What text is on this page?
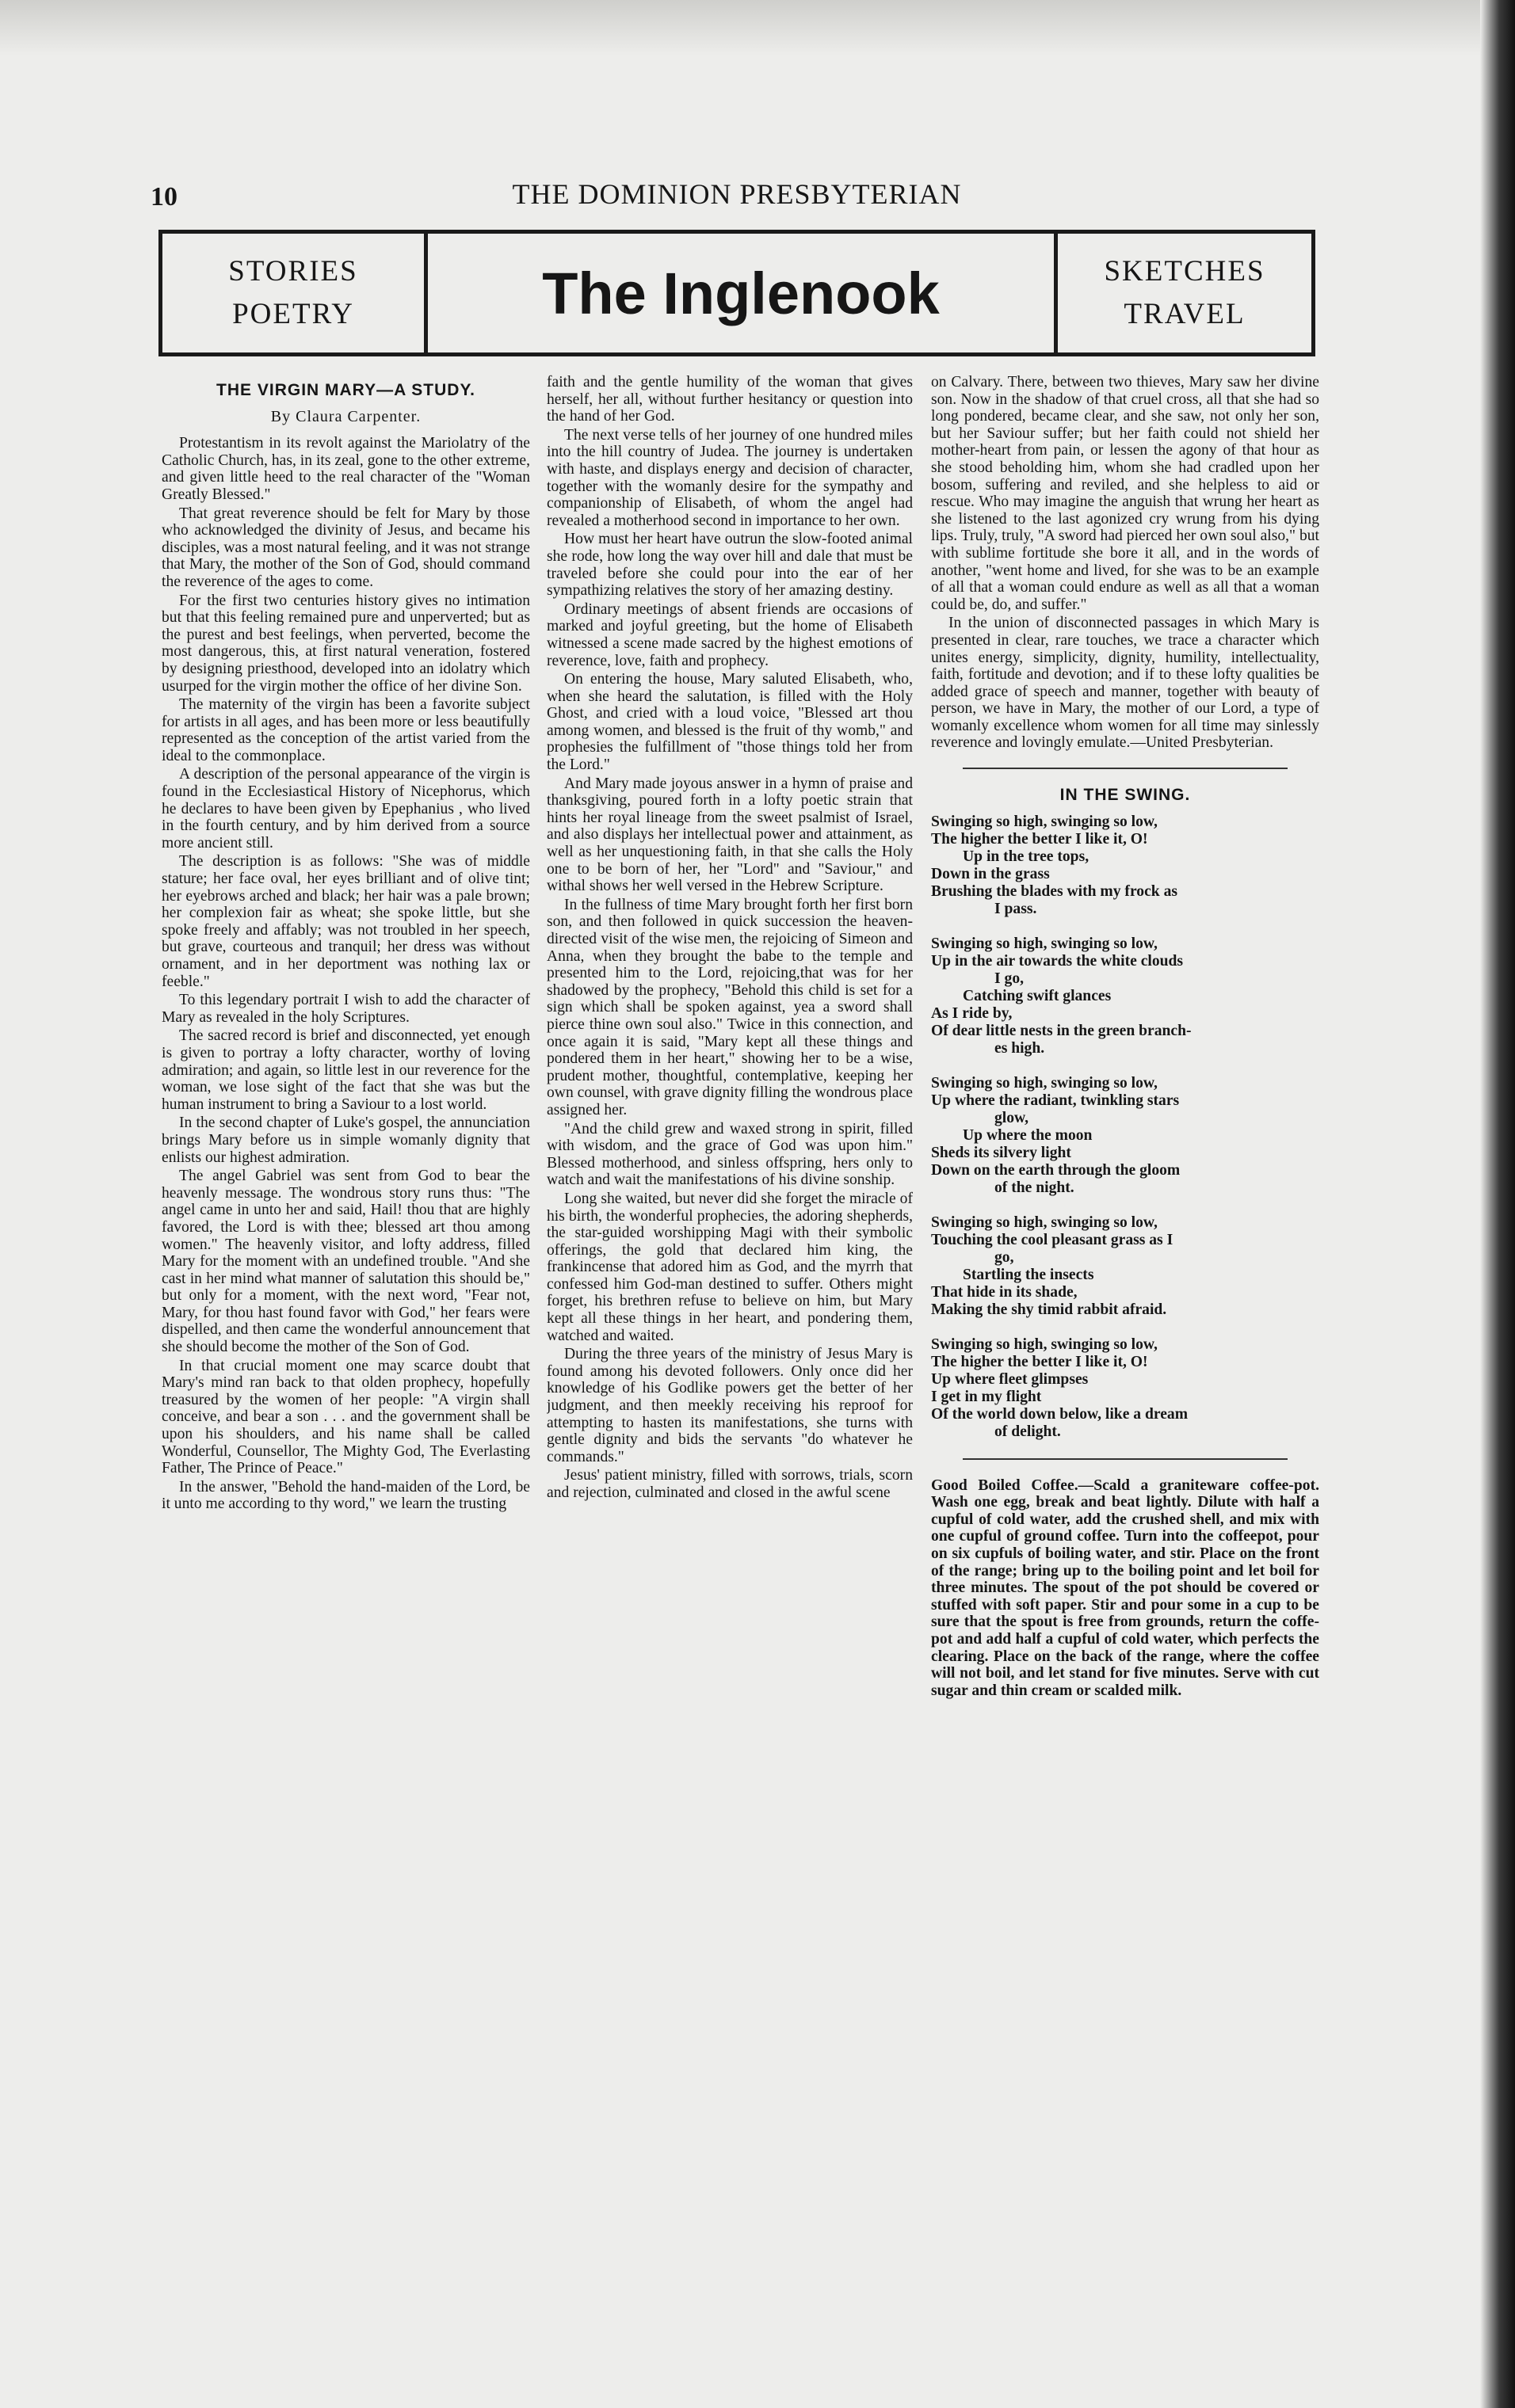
10	THE DOMINION PRESBYTERIAN
STORIES
POETRY	The Inglenook	SKETCHES
TRAVEL
THE VIRGIN MARY—A STUDY.
By Claura Carpenter.

Protestantism in its revolt against the Mariolatry of the Catholic Church, has, in its zeal, gone to the other extreme, and given little heed to the real character of the "Woman Greatly Blessed."

That great reverence should be felt for Mary by those who acknowledged the divinity of Jesus, and became his disciples, was a most natural feeling, and it was not strange that Mary, the mother of the Son of God, should command the reverence of the ages to come.

For the first two centuries history gives no intimation but that this feeling remained pure and unperverted; but as the purest and best feelings, when perverted, become the most dangerous, this, at first natural veneration, fostered by designing priesthood, developed into an idolatry which usurped for the virgin mother the office of her divine Son.

The maternity of the virgin has been a favorite subject for artists in all ages, and has been more or less beautifully represented as the conception of the artist varied from the ideal to the commonplace.

A description of the personal appearance of the virgin is found in the Ecclesiastical History of Nicephorus, which he declares to have been given by Epephanius , who lived in the fourth century, and by him derived from a source more ancient still.

The description is as follows: "She was of middle stature; her face oval, her eyes brilliant and of olive tint; her eyebrows arched and black; her hair was a pale brown; her complexion fair as wheat; she spoke little, but she spoke freely and affably; was not troubled in her speech, but grave, courteous and tranquil; her dress was without ornament, and in her deportment was nothing lax or feeble."

To this legendary portrait I wish to add the character of Mary as revealed in the holy Scriptures.

The sacred record is brief and disconnected, yet enough is given to portray a lofty character, worthy of loving admiration; and again, so little lest in our reverence for the woman, we lose sight of the fact that she was but the human instrument to bring a Saviour to a lost world.

In the second chapter of Luke's gospel, the annunciation brings Mary before us in simple womanly dignity that enlists our highest admiration.

The angel Gabriel was sent from God to bear the heavenly message. The wondrous story runs thus: "The angel came in unto her and said, Hail! thou that are highly favored, the Lord is with thee; blessed art thou among women." The heavenly visitor, and lofty address, filled Mary for the moment with an undefined trouble. "And she cast in her mind what manner of salutation this should be," but only for a moment, with the next word, "Fear not, Mary, for thou hast found favor with God," her fears were dispelled, and then came the wonderful announcement that she should become the mother of the Son of God.

In that crucial moment one may scarce doubt that Mary's mind ran back to that olden prophecy, hopefully treasured by the women of her people: "A virgin shall conceive, and bear a son . . . and the government shall be upon his shoulders, and his name shall be called Wonderful, Counsellor, The Mighty God, The Everlasting Father, The Prince of Peace."

In the answer, "Behold the hand-maiden of the Lord, be it unto me according to thy word," we learn the trusting

faith and the gentle humility of the woman that gives herself, her all, without further hesitancy or question into the hand of her God.

The next verse tells of her journey of one hundred miles into the hill country of Judea. The journey is undertaken with haste, and displays energy and decision of character, together with the womanly desire for the sympathy and companionship of Elisabeth, of whom the angel had revealed a motherhood second in importance to her own.

How must her heart have outrun the slow-footed animal she rode, how long the way over hill and dale that must be traveled before she could pour into the ear of her sympathizing relatives the story of her amazing destiny.

Ordinary meetings of absent friends are occasions of marked and joyful greeting, but the home of Elisabeth witnessed a scene made sacred by the highest emotions of reverence, love, faith and prophecy.

On entering the house, Mary saluted Elisabeth, who, when she heard the salutation, is filled with the Holy Ghost, and cried with a loud voice, "Blessed art thou among women, and blessed is the fruit of thy womb," and prophesies the fulfillment of "those things told her from the Lord."

And Mary made joyous answer in a hymn of praise and thanksgiving, poured forth in a lofty poetic strain that hints her royal lineage from the sweet psalmist of Israel, and also displays her intellectual power and attainment, as well as her unquestioning faith, in that she calls the Holy one to be born of her, her "Lord" and "Saviour," and withal shows her well versed in the Hebrew Scripture.

In the fullness of time Mary brought forth her first born son, and then followed in quick succession the heaven-directed visit of the wise men, the rejoicing of Simeon and Anna, when they brought the babe to the temple and presented him to the Lord, rejoicing,that was for her shadowed by the prophecy, "Behold this child is set for a sign which shall be spoken against, yea a sword shall pierce thine own soul also." Twice in this connection, and once again it is said, "Mary kept all these things and pondered them in her heart," showing her to be a wise, prudent mother, thoughtful, contemplative, keeping her own counsel, with grave dignity filling the wondrous place assigned her.

"And the child grew and waxed strong in spirit, filled with wisdom, and the grace of God was upon him." Blessed motherhood, and sinless offspring, hers only to watch and wait the manifestations of his divine sonship.

Long she waited, but never did she forget the miracle of his birth, the wonderful prophecies, the adoring shepherds, the star-guided worshipping Magi with their symbolic offerings, the gold that declared him king, the frankincense that adored him as God, and the myrrh that confessed him God-man destined to suffer. Others might forget, his brethren refuse to believe on him, but Mary kept all these things in her heart, and pondering them, watched and waited.

During the three years of the ministry of Jesus Mary is found among his devoted followers. Only once did her knowledge of his Godlike powers get the better of her judgment, and then meekly receiving his reproof for attempting to hasten its manifestations, she turns with gentle dignity and bids the servants "do whatever he commands."

Jesus' patient ministry, filled with sorrows, trials, scorn and rejection, culminated and closed in the awful scene

on Calvary. There, between two thieves, Mary saw her divine son. Now in the shadow of that cruel cross, all that she had so long pondered, became clear, and she saw, not only her son, but her Saviour suffer; but her faith could not shield her mother-heart from pain, or lessen the agony of that hour as she stood beholding him, whom she had cradled upon her bosom, suffering and reviled, and she helpless to aid or rescue. Who may imagine the anguish that wrung her heart as she listened to the last agonized cry wrung from his dying lips. Truly, truly, "A sword had pierced her own soul also," but with sublime fortitude she bore it all, and in the words of another, "went home and lived, for she was to be an example of all that a woman could endure as well as all that a woman could be, do, and suffer."

In the union of disconnected passages in which Mary is presented in clear, rare touches, we trace a character which unites energy, simplicity, dignity, humility, intellectuality, faith, fortitude and devotion; and if to these lofty qualities be added grace of speech and manner, together with beauty of person, we have in Mary, the mother of our Lord, a type of womanly excellence whom women for all time may sinlessly reverence and lovingly emulate.—United Presbyterian.

IN THE SWING.
Swinging so high, swinging so low,
The higher the better I like it, O!
Up in the tree tops,
Down in the grass
Brushing the blades with my frock as
I pass.
Swinging so high, swinging so low,
Up in the air towards the white clouds
I go,
Catching swift glances
As I ride by,
Of dear little nests in the green branch-
es high.
Swinging so high, swinging so low,
Up where the radiant, twinkling stars
glow,
Up where the moon
Sheds its silvery light
Down on the earth through the gloom
of the night.
Swinging so high, swinging so low,
Touching the cool pleasant grass as I
go,
Startling the insects
That hide in its shade,
Making the shy timid rabbit afraid.
Swinging so high, swinging so low,
The higher the better I like it, O!
Up where fleet glimpses
I get in my flight
Of the world down below, like a dream
of delight.

Good Boiled Coffee.—Scald a graniteware coffee-pot. Wash one egg, break and beat lightly. Dilute with half a cupful of cold water, add the crushed shell, and mix with one cupful of ground coffee. Turn into the coffeepot, pour on six cupfuls of boiling water, and stir. Place on the front of the range; bring up to the boiling point and let boil for three minutes. The spout of the pot should be covered or stuffed with soft paper. Stir and pour some in a cup to be sure that the spout is free from grounds, return the coffe-pot and add half a cupful of cold water, which perfects the clearing. Place on the back of the range, where the coffee will not boil, and let stand for five minutes. Serve with cut sugar and thin cream or scalded milk.
